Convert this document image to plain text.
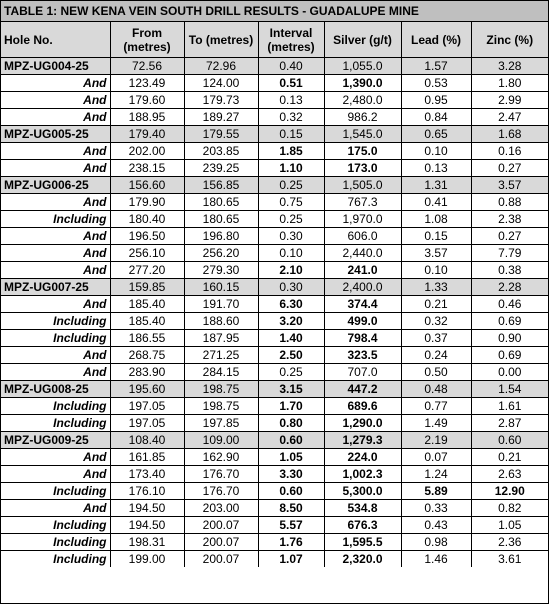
TABLE 1: NEW KENA VEIN SOUTH DRILL RESULTS - GUADALUPE MINE
Hole No.	From (metres)	To (metres)	Interval (metres)	Silver (g/t)	Lead (%)	Zinc (%)
MPZ-UG004-25	72.56	72.96	0.40	1,055.0	1.57	3.28
And	123.49	124.00	0.51	1,390.0	0.53	1.80
And	179.60	179.73	0.13	2,480.0	0.95	2.99
And	188.95	189.27	0.32	986.2	0.84	2.47
MPZ-UG005-25	179.40	179.55	0.15	1,545.0	0.65	1.68
And	202.00	203.85	1.85	175.0	0.10	0.16
And	238.15	239.25	1.10	173.0	0.13	0.27
MPZ-UG006-25	156.60	156.85	0.25	1,505.0	1.31	3.57
And	179.90	180.65	0.75	767.3	0.41	0.88
Including	180.40	180.65	0.25	1,970.0	1.08	2.38
And	196.50	196.80	0.30	606.0	0.15	0.27
And	256.10	256.20	0.10	2,440.0	3.57	7.79
And	277.20	279.30	2.10	241.0	0.10	0.38
MPZ-UG007-25	159.85	160.15	0.30	2,400.0	1.33	2.28
And	185.40	191.70	6.30	374.4	0.21	0.46
Including	185.40	188.60	3.20	499.0	0.32	0.69
Including	186.55	187.95	1.40	798.4	0.37	0.90
And	268.75	271.25	2.50	323.5	0.24	0.69
And	283.90	284.15	0.25	707.0	0.50	0.00
MPZ-UG008-25	195.60	198.75	3.15	447.2	0.48	1.54
Including	197.05	198.75	1.70	689.6	0.77	1.61
Including	197.05	197.85	0.80	1,290.0	1.49	2.87
MPZ-UG009-25	108.40	109.00	0.60	1,279.3	2.19	0.60
And	161.85	162.90	1.05	224.0	0.07	0.21
And	173.40	176.70	3.30	1,002.3	1.24	2.63
Including	176.10	176.70	0.60	5,300.0	5.89	12.90
And	194.50	203.00	8.50	534.8	0.33	0.82
Including	194.50	200.07	5.57	676.3	0.43	1.05
Including	198.31	200.07	1.76	1,595.5	0.98	2.36
Including	199.00	200.07	1.07	2,320.0	1.46	3.61
